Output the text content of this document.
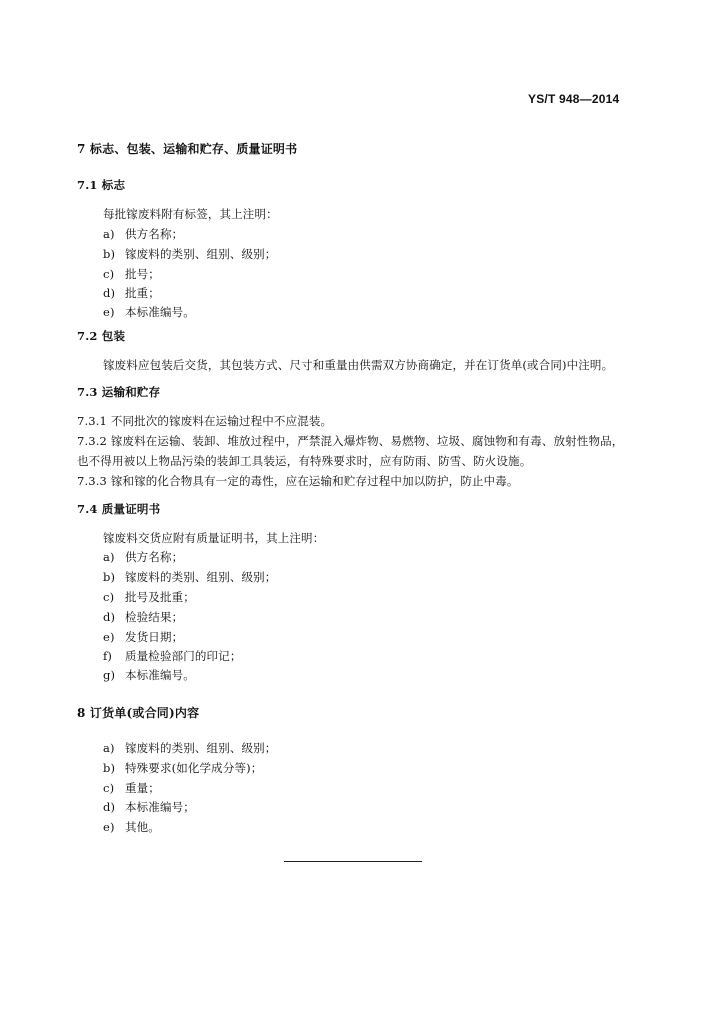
YS/T 948—2014
7 标志、包装、运输和贮存、质量证明书
7.1 标志
每批镓废料附有标签，其上注明：
a) 供方名称；
b) 镓废料的类别、组别、级别；
c) 批号；
d) 批重；
e) 本标准编号。
7.2 包装
镓废料应包装后交货，其包装方式、尺寸和重量由供需双方协商确定，并在订货单(或合同)中注明。
7.3 运输和贮存
7.3.1 不同批次的镓废料在运输过程中不应混装。
7.3.2 镓废料在运输、装卸、堆放过程中，严禁混入爆炸物、易燃物、垃圾、腐蚀物和有毒、放射性物品，
也不得用被以上物品污染的装卸工具装运，有特殊要求时，应有防雨、防雪、防火设施。
7.3.3 镓和镓的化合物具有一定的毒性，应在运输和贮存过程中加以防护，防止中毒。
7.4 质量证明书
镓废料交货应附有质量证明书，其上注明：
a) 供方名称；
b) 镓废料的类别、组别、级别；
c) 批号及批重；
d) 检验结果；
e) 发货日期；
f) 质量检验部门的印记；
g) 本标准编号。
8 订货单(或合同)内容
a) 镓废料的类别、组别、级别；
b) 特殊要求(如化学成分等)；
c) 重量；
d) 本标准编号；
e) 其他。
